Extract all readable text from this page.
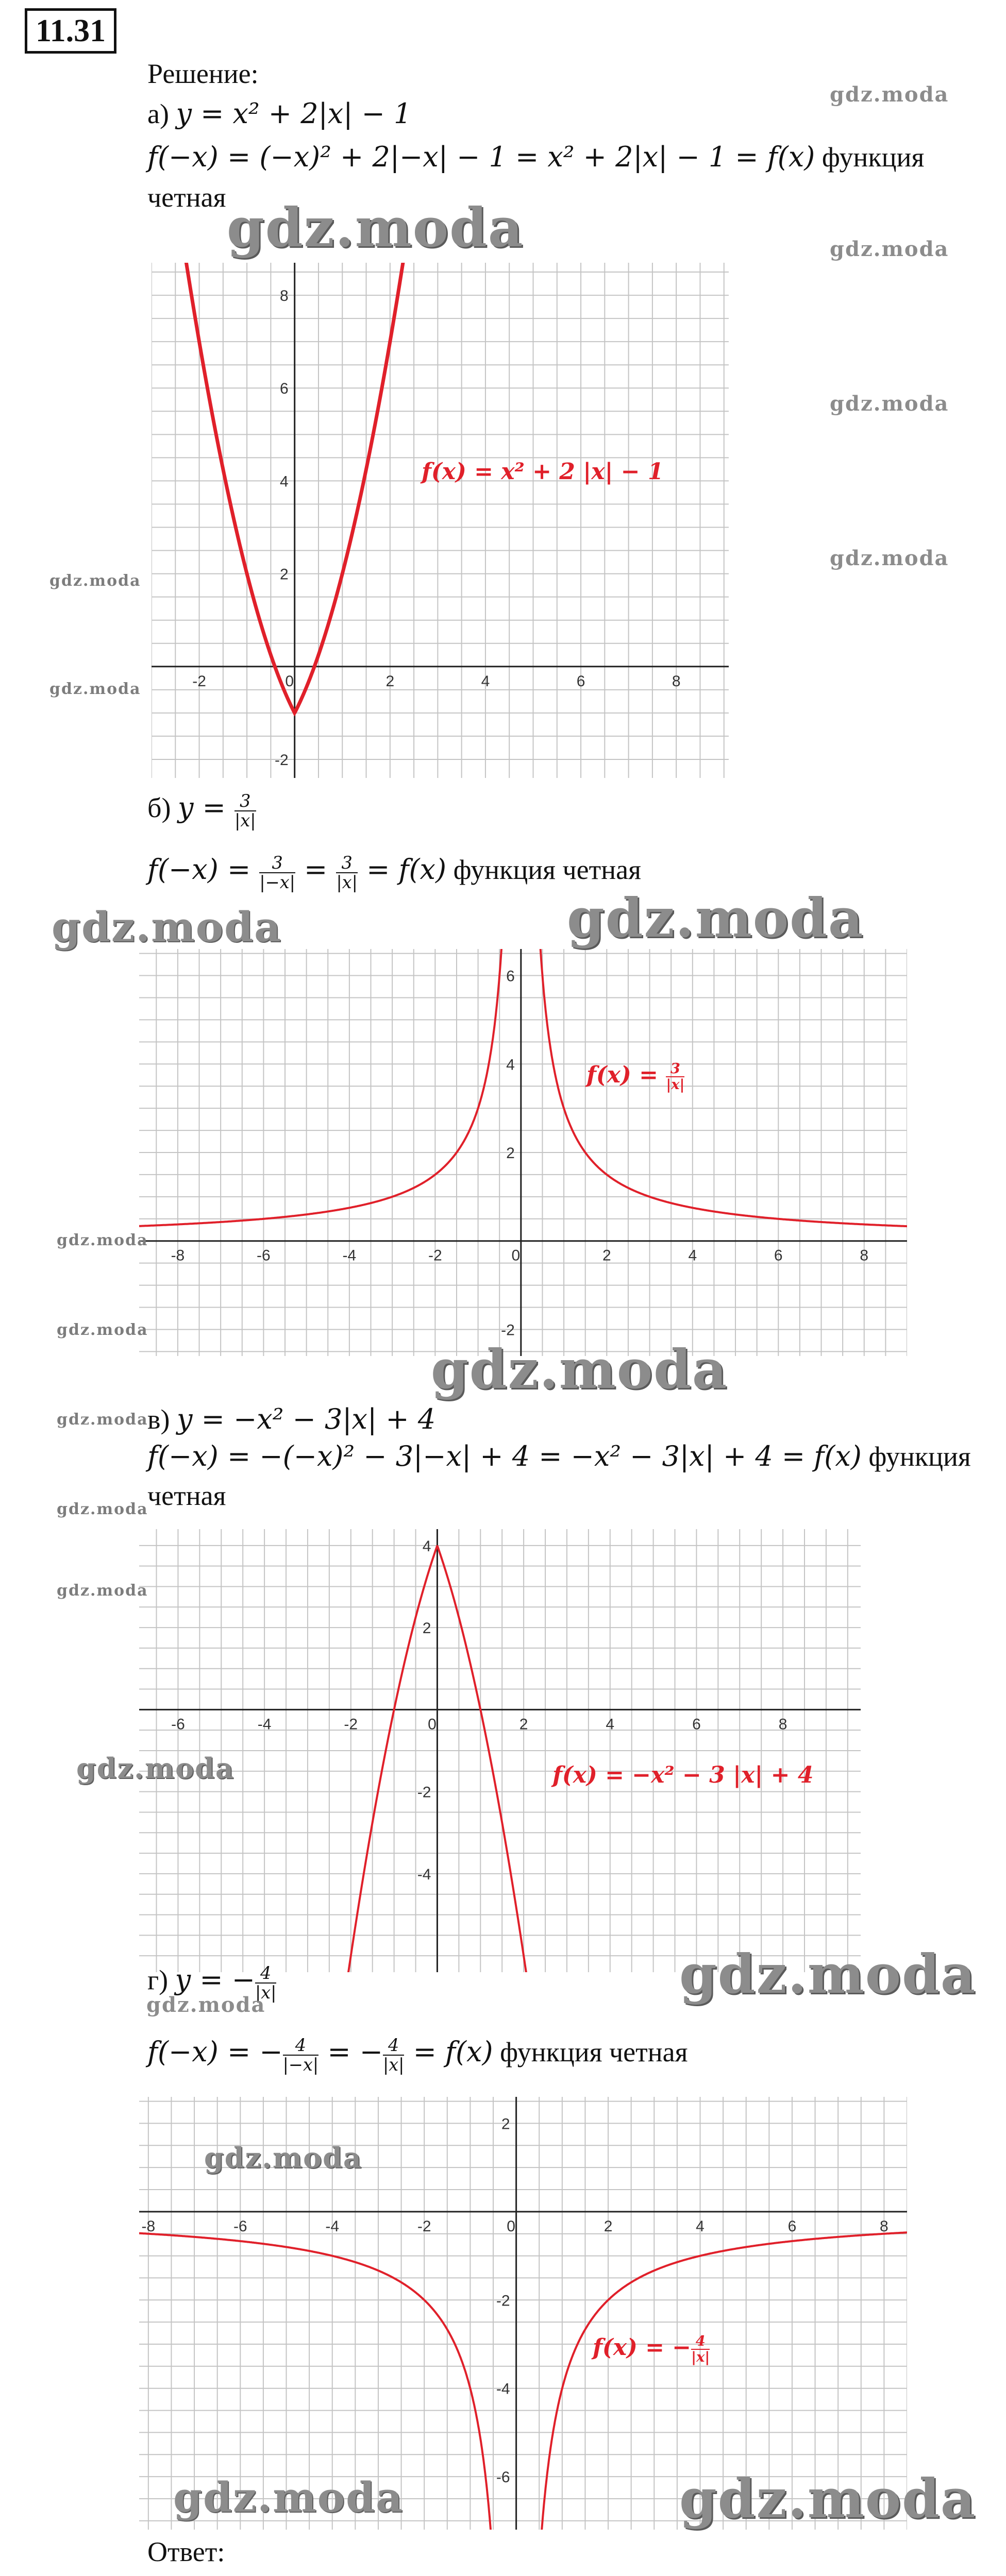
11.31
Решение:
а) y = x² + 2|x| − 1
f(−x) = (−x)² + 2|−x| − 1 = x² + 2|x| − 1 = f(x) функция
четная
-2	0	2	4	6	8
-2
2
4
6
8
f(x) = x² + 2 |x| − 1
б) $y = \frac{3}{|x|}$
$f(-x) = \frac{3}{|-x|} = \frac{3}{|x|} = f(x)$ функция четная
-8	-6	-4	-2	0	2	4	6	8
-2
2
4
6
$f(x) = \frac{3}{|x|}$
в) y = −x² − 3|x| + 4
f(−x) = −(−x)² − 3|−x| + 4 = −x² − 3|x| + 4 = f(x) функция
четная
-6	-4	-2	0	2	4	6	8
-4
-2
2
4
f(x) = −x² − 3 |x| + 4
г) y = − $\frac{4}{|x|}$
f(−x) = − $\frac{4}{|-x|}$ = − $\frac{4}{|x|} = f(x)$ функция четная
-8	-6	-4	-2	0	2	4	6	8
-6
-4
-2
2
f(x) = − $\frac{4}{|x|}$
Ответ:
gdz.moda
gdz.moda	gdz.moda
gdz.moda
gdz.moda
gdz.moda
gdz.moda
gdz.moda	gdz.moda
gdz.moda
gdz.moda
gdz.moda
gdz.moda
gdz.moda
gdz.moda
gdz.moda
gdz.moda
gdz.moda
gdz.moda
gdz.moda	gdz.moda
